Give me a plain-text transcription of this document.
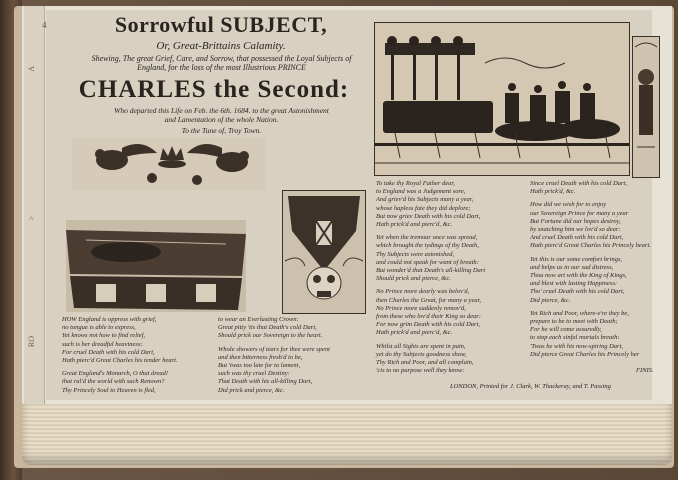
A
>
RO
4	Sorrowful SUBJECT,
Or, Great-Brittains Calamity.
Shewing, The great Grief, Care, and Sorrow, that possessed the Loyal Subjects of
England, for the loss of the most Illustrious PRINCE
CHARLES the Second:
Who departed this Life on Feb. the 6th. 1684. to the great Astonishment
and Lamentation of the whole Nation.
To the Tune of, Troy Town.
HOW England is oppress with grief,
no tongue is able to express,
Yet knows not how to find relief,
such is her dreadful heaviness:
For cruel Death with his cold Dart,
Hath pierc'd Great Charles his tender heart.
Great England's Monarch, O that dread!
that rul'd the world with such Renown?
Thy Princely Soul to Heaven is fled,
to wear an Everlasting Crown:
Great pitty 'tis that Death's cold Dart,
Should prick our Sovereign to the heart.
Whole showers of tears for thee were spent
and then bitterness fresh'd to be,
But 'twas too late for to lament,
such was thy cruel Destiny:
That Death with his all-killing Dart,
Did prick and pierce, &c.
To take thy Royal Father dear,
to England was a Judgement sore,
And griev'd his Subjects many a year,
whose hapless fate they did deplore;
But now griev Death with his cold Dart,
Hath prick'd and pierc'd, &c.
Yet when the tremour once was spread,
which brought the tydings of thy Death,
Thy Subjects were astonished,
and could not speak for want of breath:
But wonder'd that Death's all-killing Dart
Should prick and pierce, &c.
No Prince more dearly was belov'd,
then Charles the Great, for many a year,
No Prince more suddenly remov'd,
from these who lov'd their King so dear:
For now grim Death with his cold Dart,
Hath prick'd and pierc'd, &c.
Whilst all Sights are spent in pain,
yet do thy Subjects goodness show,
Thy Rich and Poor, and all complain,
'cis to no purpose well they know:
Since cruel Death with his cold Dart,
Hath prick'd, &c.
How did we wish for to enjoy
our Sovereign Prince for many a year
But Fortune did our hopes destroy,
by snatching him we lov'd so dear:
And cruel Death with his cold Dart,
Hath pierc'd Great Charles his Princely heart.
Yet this is our some comfort brings,
and helps us in our sad distress,
Thou now art with the King of Kings,
and blest with lasting Happiness:
Tho' cruel Death with his cold Dart,
Did pierce, &c.
Yet Rich and Poor, where-e're they be,
prepare to be to meet with Death;
For he will come assuredly,
to stop each sinful mortals breath:
'Twas he with his now-spiring Dart,
Did pierce Great Charles his Princely her
FINIS.
LONDON, Printed for J. Clark, W. Thackeray, and T. Passing
